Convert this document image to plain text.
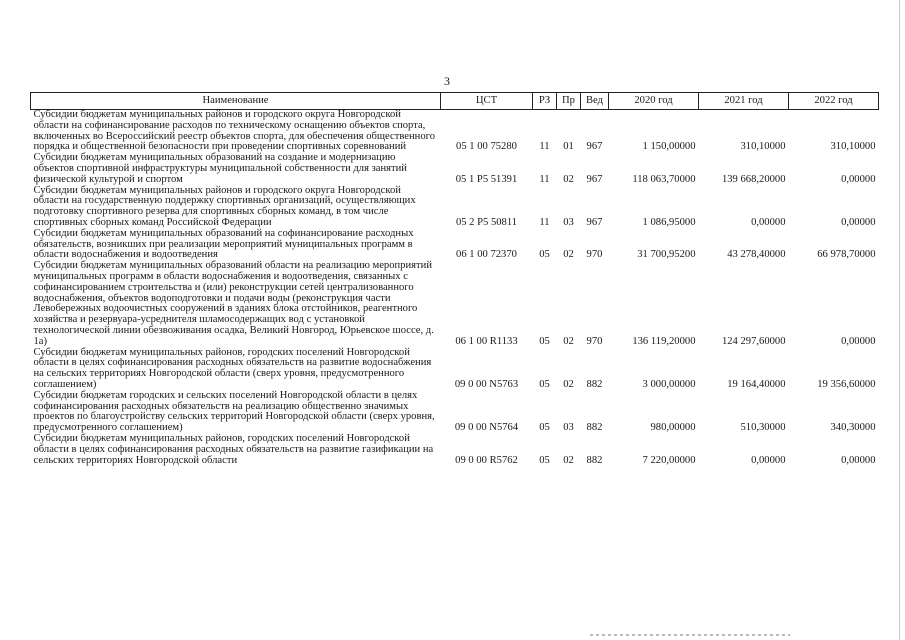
3
Наименование	ЦСТ	РЗ	Пр	Вед	2020 год	2021 год	2022 год
Субсидии бюджетам муниципальных районов и городского округа Новгородской области на софинансирование расходов по техническому оснащению объектов спорта, включенных во Всероссийский реестр объектов спорта, для обеспечения общественного порядка и общественной безопасности при проведении спортивных соревнований	05 1 00 75280	11	01	967	1 150,00000	310,10000	310,10000
Субсидии бюджетам муниципальных образований на создание и модернизацию объектов спортивной инфраструктуры муниципальной собственности для занятий физической культурой и спортом	05 1 P5 51391	11	02	967	118 063,70000	139 668,20000	0,00000
Субсидии бюджетам муниципальных районов и городского округа Новгородской области на государственную поддержку спортивных организаций, осуществляющих подготовку спортивного резерва для спортивных сборных команд, в том числе спортивных сборных команд Российской Федерации	05 2 P5 50811	11	03	967	1 086,95000	0,00000	0,00000
Субсидии бюджетам муниципальных образований на софинансирование расходных обязательств, возникших при реализации мероприятий муниципальных программ в области водоснабжения и водоотведения	06 1 00 72370	05	02	970	31 700,95200	43 278,40000	66 978,70000
Субсидии бюджетам муниципальных образований области на реализацию мероприятий муниципальных программ в области водоснабжения и водоотведения, связанных с софинансированием строительства и (или) реконструкции сетей централизованного водоснабжения, объектов водоподготовки и подачи воды (реконструкция части Левобережных водоочистных сооружений в зданиях блока отстойников, реагентного хозяйства и резервуара-усреднителя шламосодержащих вод с установкой технологической линии обезвоживания осадка, Великий Новгород, Юрьевское шоссе, д. 1а)	06 1 00 R1133	05	02	970	136 119,20000	124 297,60000	0,00000
Субсидии бюджетам муниципальных районов, городских поселений Новгородской области в целях софинансирования расходных обязательств на развитие водоснабжения на сельских территориях Новгородской области (сверх уровня, предусмотренного соглашением)	09 0 00 N5763	05	02	882	3 000,00000	19 164,40000	19 356,60000
Субсидии бюджетам городских и сельских поселений Новгородской области в целях софинансирования расходных обязательств на реализацию общественно значимых проектов по благоустройству сельских территорий Новгородской области (сверх уровня, предусмотренного соглашением)	09 0 00 N5764	05	03	882	980,00000	510,30000	340,30000
Субсидии бюджетам муниципальных районов, городских поселений Новгородской области в целях софинансирования расходных обязательств на развитие газификации на сельских территориях Новгородской области	09 0 00 R5762	05	02	882	7 220,00000	0,00000	0,00000
